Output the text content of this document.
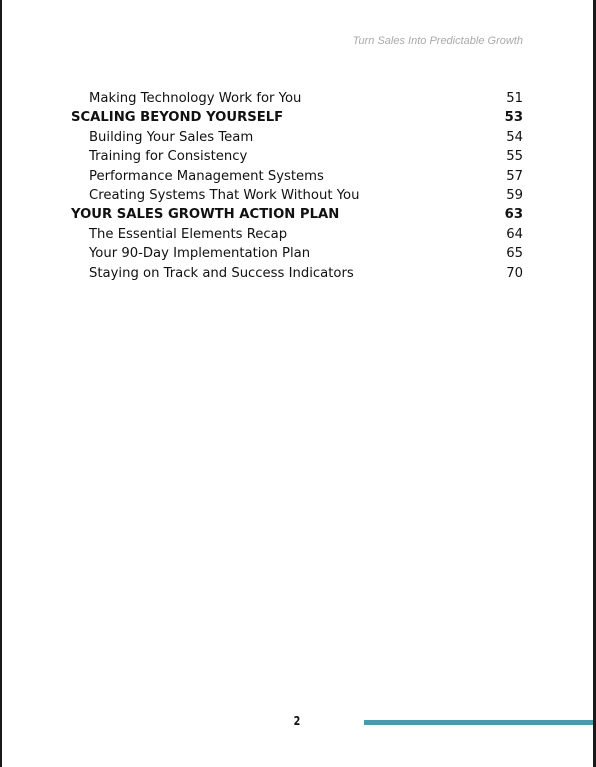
Turn Sales Into Predictable Growth
Making Technology Work for You	51
SCALING BEYOND YOURSELF	53
Building Your Sales Team	54
Training for Consistency	55
Performance Management Systems	57
Creating Systems That Work Without You	59
YOUR SALES GROWTH ACTION PLAN	63
The Essential Elements Recap	64
Your 90-Day Implementation Plan	65
Staying on Track and Success Indicators	70
2
